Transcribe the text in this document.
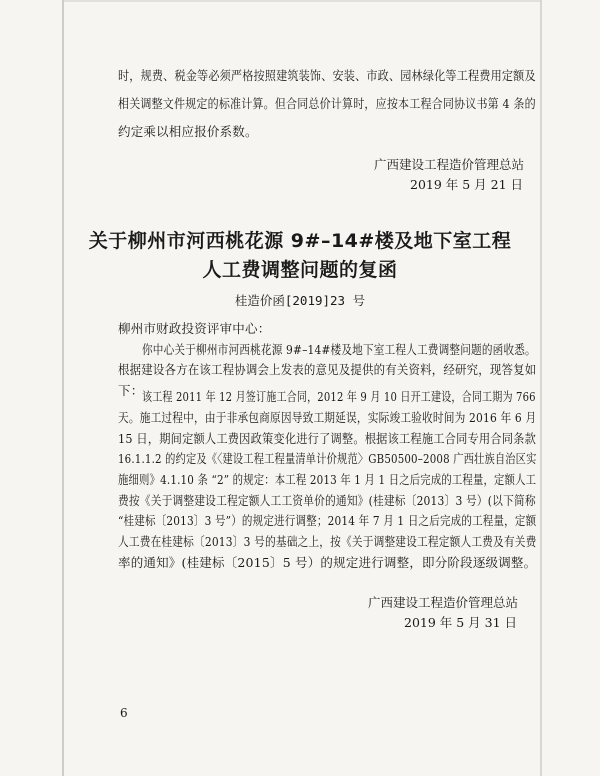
时，规费、税金等必须严格按照建筑装饰、安装、市政、园林绿化等工程费用定额及
相关调整文件规定的标准计算。但合同总价计算时，应按本工程合同协议书第 4 条的
约定乘以相应报价系数。
广西建设工程造价管理总站
2019 年 5 月 21 日
关于柳州市河西桃花源 9#–14#楼及地下室工程
人工费调整问题的复函
桂造价函[2019]23 号
柳州市财政投资评审中心：
你中心关于柳州市河西桃花源 9#–14#楼及地下室工程人工费调整问题的函收悉。
根据建设各方在该工程协调会上发表的意见及提供的有关资料，经研究，现答复如
下：
该工程 2011 年 12 月签订施工合同，2012 年 9 月 10 日开工建设，合同工期为 766
天。施工过程中，由于非承包商原因导致工期延误，实际竣工验收时间为 2016 年 6 月
15 日，期间定额人工费因政策变化进行了调整。根据该工程施工合同专用合同条款
16.1.1.2 的约定及《〈建设工程工程量清单计价规范〉GB50500–2008 广西壮族自治区实
施细则》4.1.10 条 “2” 的规定：本工程 2013 年 1 月 1 日之后完成的工程量，定额人工
费按《关于调整建设工程定额人工工资单价的通知》(桂建标〔2013〕3 号）(以下简称
“桂建标〔2013〕3 号”）的规定进行调整；2014 年 7 月 1 日之后完成的工程量，定额
人工费在桂建标〔2013〕3 号的基础之上，按《关于调整建设工程定额人工费及有关费
率的通知》(桂建标〔2015〕5 号）的规定进行调整，即分阶段逐级调整。
广西建设工程造价管理总站
2019 年 5 月 31 日
6
